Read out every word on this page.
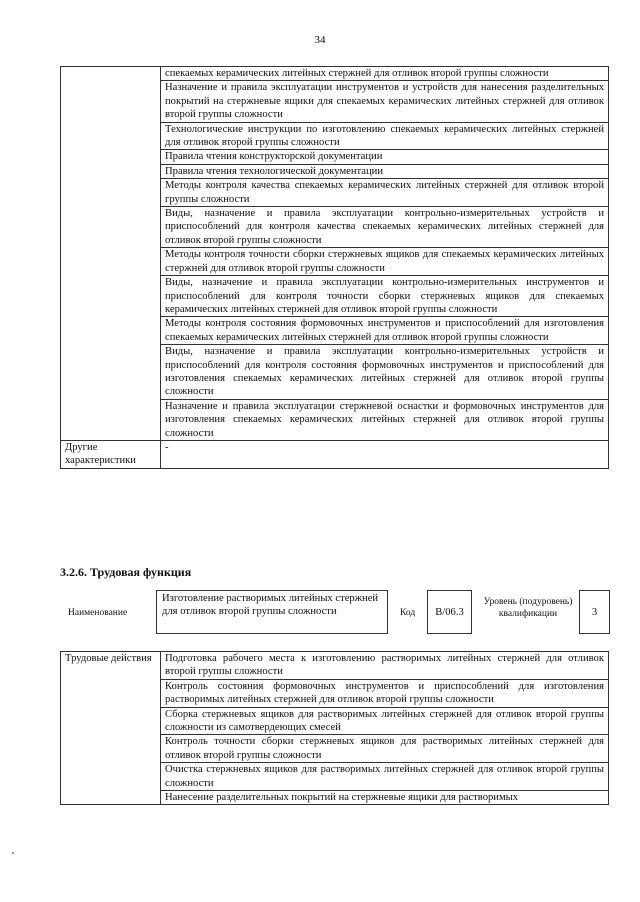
34
	спекаемых керамических литейных стержней для отливок второй группы сложности
	Назначение и правила эксплуатации инструментов и устройств для нанесения разделительных покрытий на стержневые ящики для спекаемых керамических литейных стержней для отливок второй группы сложности
	Технологические инструкции по изготовлению спекаемых керамических литейных стержней для отливок второй группы сложности
	Правила чтения конструкторской документации
	Правила чтения технологической документации
	Методы контроля качества спекаемых керамических литейных стержней для отливок второй группы сложности
	Виды, назначение и правила эксплуатации контрольно-измерительных устройств и приспособлений для контроля качества спекаемых керамических литейных стержней для отливок второй группы сложности
	Методы контроля точности сборки стержневых ящиков для спекаемых керамических литейных стержней для отливок второй группы сложности
	Виды, назначение и правила эксплуатации контрольно-измерительных инструментов и приспособлений для контроля точности сборки стержневых ящиков для спекаемых керамических литейных стержней для отливок второй группы сложности
	Методы контроля состояния формовочных инструментов и приспособлений для изготовления спекаемых керамических литейных стержней для отливок второй группы сложности
	Виды, назначение и правила эксплуатации контрольно-измерительных устройств и приспособлений для контроля состояния формовочных инструментов и приспособлений для изготовления спекаемых керамических литейных стержней для отливок второй группы сложности
	Назначение и правила эксплуатации стержневой оснастки и формовочных инструментов для изготовления спекаемых керамических литейных стержней для отливок второй группы сложности
Другие характеристики	-
3.2.6. Трудовая функция
Наименование
Изготовление растворимых литейных стержней для отливок второй группы сложности	Код	B/06.3
Уровень (подуровень) квалификации	3
Трудовые действия	Подготовка рабочего места к изготовлению растворимых литейных стержней для отливок второй группы сложности
Контроль состояния формовочных инструментов и приспособлений для изготовления растворимых литейных стержней для отливок второй группы сложности
Сборка стержневых ящиков для растворимых литейных стержней для отливок второй группы сложности из самотвердеющих смесей
Контроль точности сборки стержневых ящиков для растворимых литейных стержней для отливок второй группы сложности
Очистка стержневых ящиков для растворимых литейных стержней для отливок второй группы сложности
Нанесение разделительных покрытий на стержневые ящики для растворимых
